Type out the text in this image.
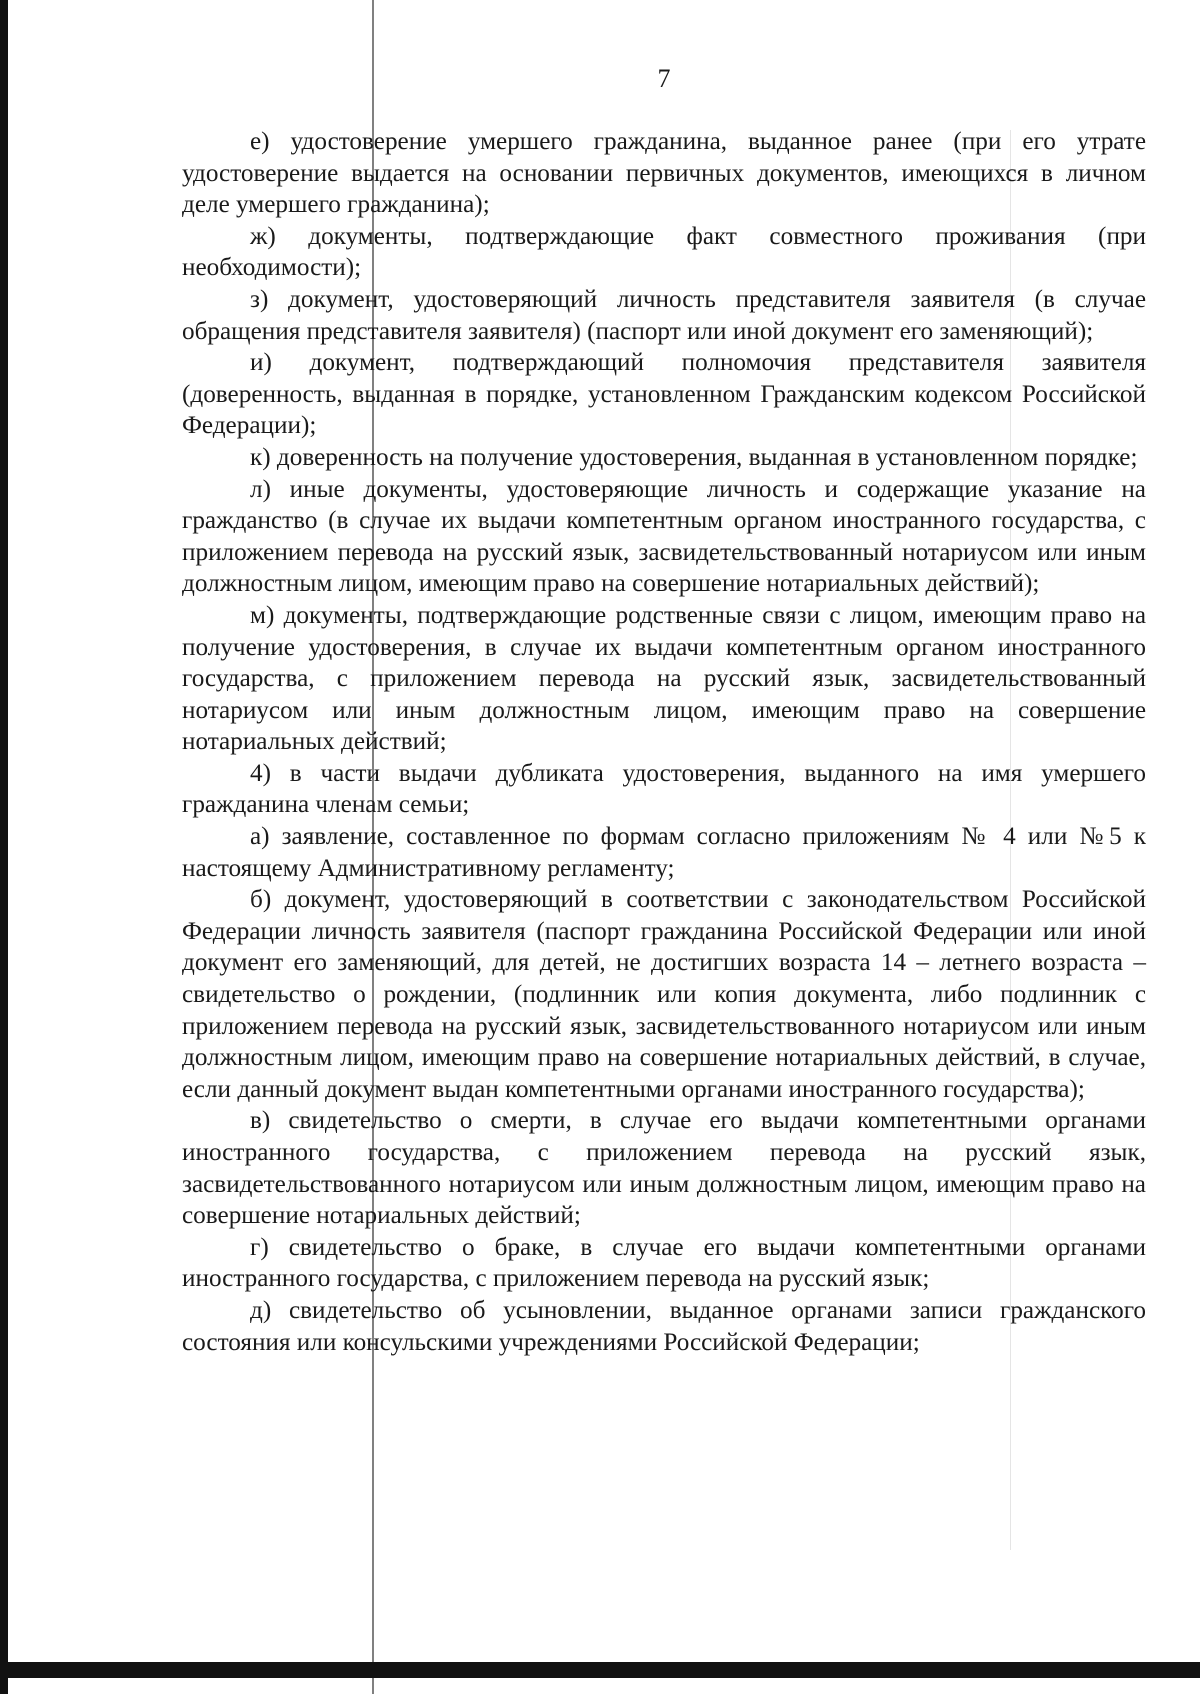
7

е) удостоверение умершего гражданина, выданное ранее (при его утрате удостоверение выдается на основании первичных документов, имеющихся в личном деле умершего гражданина);

ж) документы, подтверждающие факт совместного проживания (при необходимости);

з) документ, удостоверяющий личность представителя заявителя (в случае обращения представителя заявителя) (паспорт или иной документ его заменяющий);

и) документ, подтверждающий полномочия представителя заявителя (доверенность, выданная в порядке, установленном Гражданским кодексом Российской Федерации);

к) доверенность на получение удостоверения, выданная в установленном порядке;

л) иные документы, удостоверяющие личность и содержащие указание на гражданство (в случае их выдачи компетентным органом иностранного государства, с приложением перевода на русский язык, засвидетельствованный нотариусом или иным должностным лицом, имеющим право на совершение нотариальных действий);

м) документы, подтверждающие родственные связи с лицом, имеющим право на получение удостоверения, в случае их выдачи компетентным органом иностранного государства, с приложением перевода на русский язык, засвидетельствованный нотариусом или иным должностным лицом, имеющим право на совершение нотариальных действий;

4) в части выдачи дубликата удостоверения, выданного на имя умершего гражданина членам семьи;

а) заявление, составленное по формам согласно приложениям № 4 или №5 к настоящему Административному регламенту;

б) документ, удостоверяющий в соответствии с законодательством Российской Федерации личность заявителя (паспорт гражданина Российской Федерации или иной документ его заменяющий, для детей, не достигших возраста 14 – летнего возраста – свидетельство о рождении, (подлинник или копия документа, либо подлинник с приложением перевода на русский язык, засвидетельствованного нотариусом или иным должностным лицом, имеющим право на совершение нотариальных действий, в случае, если данный документ выдан компетентными органами иностранного государства);

в) свидетельство о смерти, в случае его выдачи компетентными органами иностранного государства, с приложением перевода на русский язык, засвидетельствованного нотариусом или иным должностным лицом, имеющим право на совершение нотариальных действий;

г) свидетельство о браке, в случае его выдачи компетентными органами иностранного государства, с приложением перевода на русский язык;

д) свидетельство об усыновлении, выданное органами записи гражданского состояния или консульскими учреждениями Российской Федерации;
